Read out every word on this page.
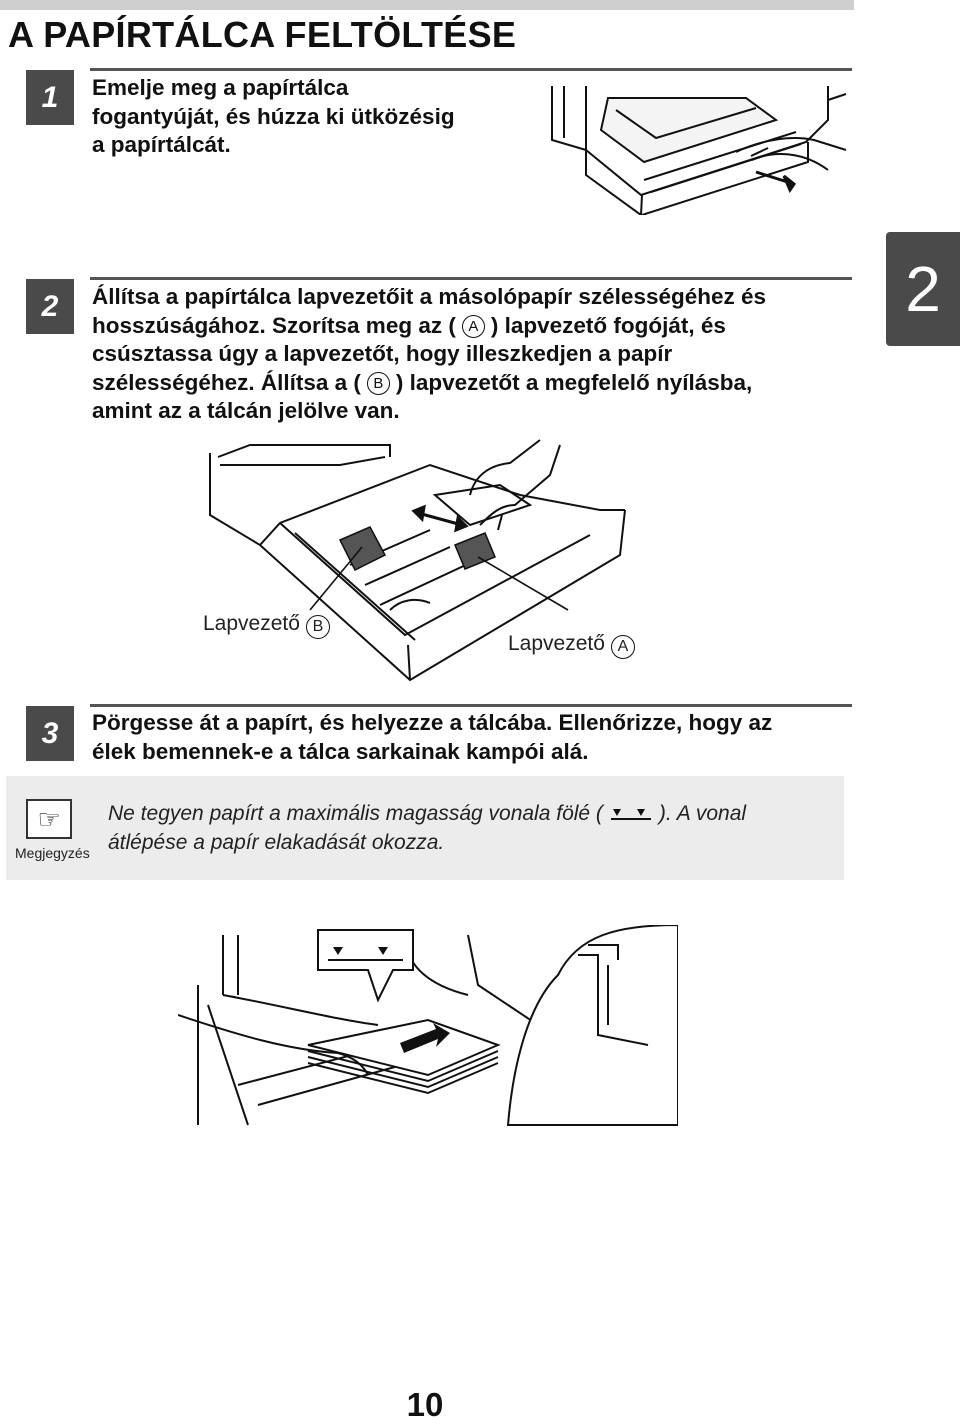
A PAPÍRTÁLCA FELTÖLTÉSE
2
1	Emelje meg a papírtálca
fogantyúját, és húzza ki ütközésig
a papírtálcát.
2	Állítsa a papírtálca lapvezetőit a másolópapír szélességéhez és
hosszúságához. Szorítsa meg az ( A ) lapvezető fogóját, és
csúsztassa úgy a lapvezetőt, hogy illeszkedjen a papír
szélességéhez. Állítsa a ( B ) lapvezetőt a megfelelő nyílásba,
amint az a tálcán jelölve van.
Lapvezető B
Lapvezető A
3	Pörgesse át a papírt, és helyezze a tálcába. Ellenőrizze, hogy az
élek bemennek-e a tálca sarkainak kampói alá.
☞
Megjegyzés
Ne tegyen papírt a maximális magasság vonala fölé (	). A vonal
átlépése a papír elakadását okozza.
10
